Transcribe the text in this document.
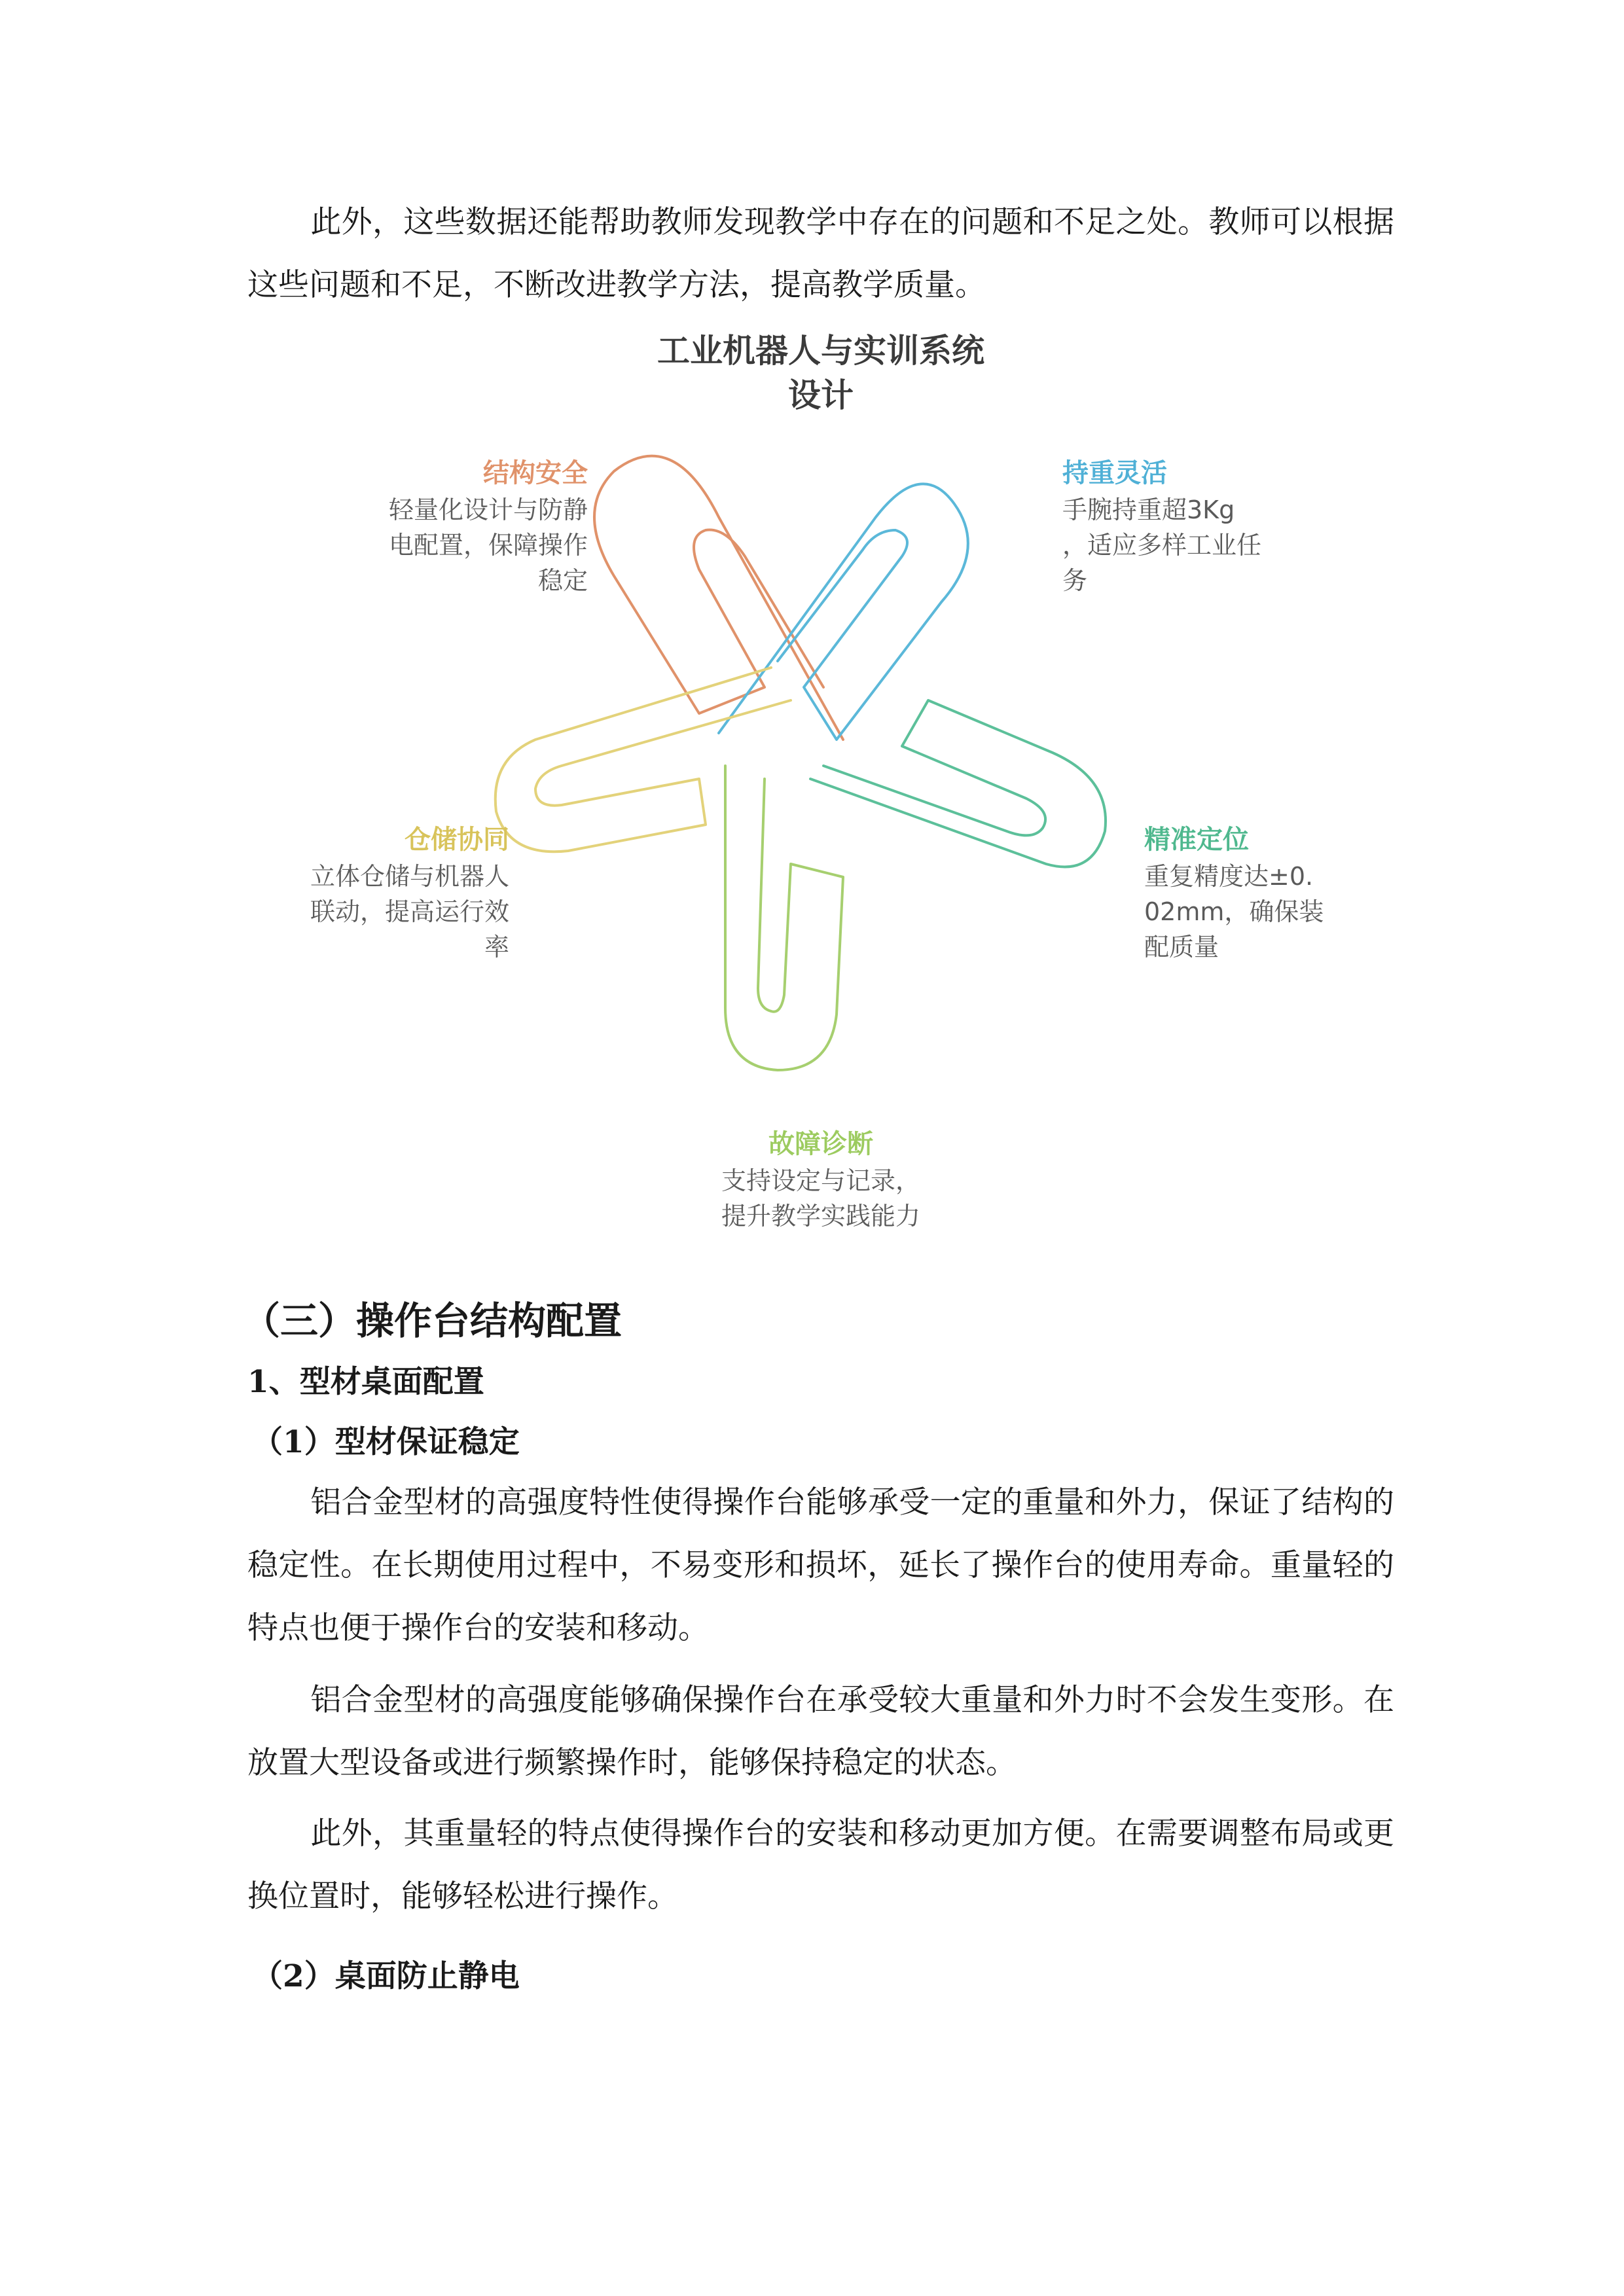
此外，这些数据还能帮助教师发现教学中存在的问题和不足之处。教师可以根据这些问题和不足，不断改进教学方法，提高教学质量。

工业机器人与实训系统
设计
结构安全
轻量化设计与防静
电配置，保障操作
稳定
持重灵活
手腕持重超3Kg
，适应多样工业任
务
精准定位
重复精度达±0.
02mm，确保装
配质量
仓储协同
立体仓储与机器人
联动，提高运行效
率
故障诊断
支持设定与记录，
提升教学实践能力
（三）操作台结构配置
1、型材桌面配置
（1）型材保证稳定

铝合金型材的高强度特性使得操作台能够承受一定的重量和外力，保证了结构的稳定性。在长期使用过程中，不易变形和损坏，延长了操作台的使用寿命。重量轻的特点也便于操作台的安装和移动。

铝合金型材的高强度能够确保操作台在承受较大重量和外力时不会发生变形。在放置大型设备或进行频繁操作时，能够保持稳定的状态。

此外，其重量轻的特点使得操作台的安装和移动更加方便。在需要调整布局或更换位置时，能够轻松进行操作。

（2）桌面防止静电
